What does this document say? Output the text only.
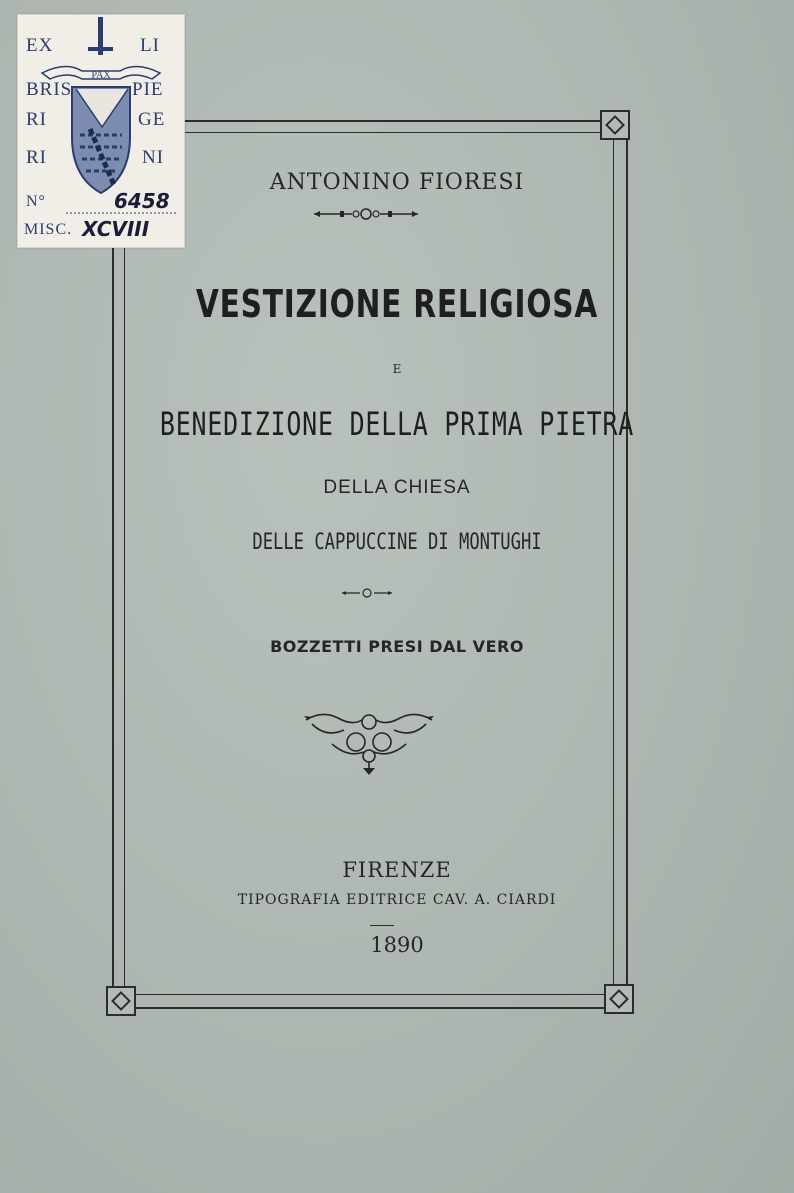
EX	LI
BRIS	PIE
RI	GE
RI	NI
PAX
N°	6458
MISC. XCVIII
ANTONINO FIORESI
VESTIZIONE RELIGIOSA
E
BENEDIZIONE DELLA PRIMA PIETRA
DELLA CHIESA
DELLE CAPPUCCINE DI MONTUGHI
BOZZETTI PRESI DAL VERO
FIRENZE
TIPOGRAFIA EDITRICE CAV. A. CIARDI
1890
